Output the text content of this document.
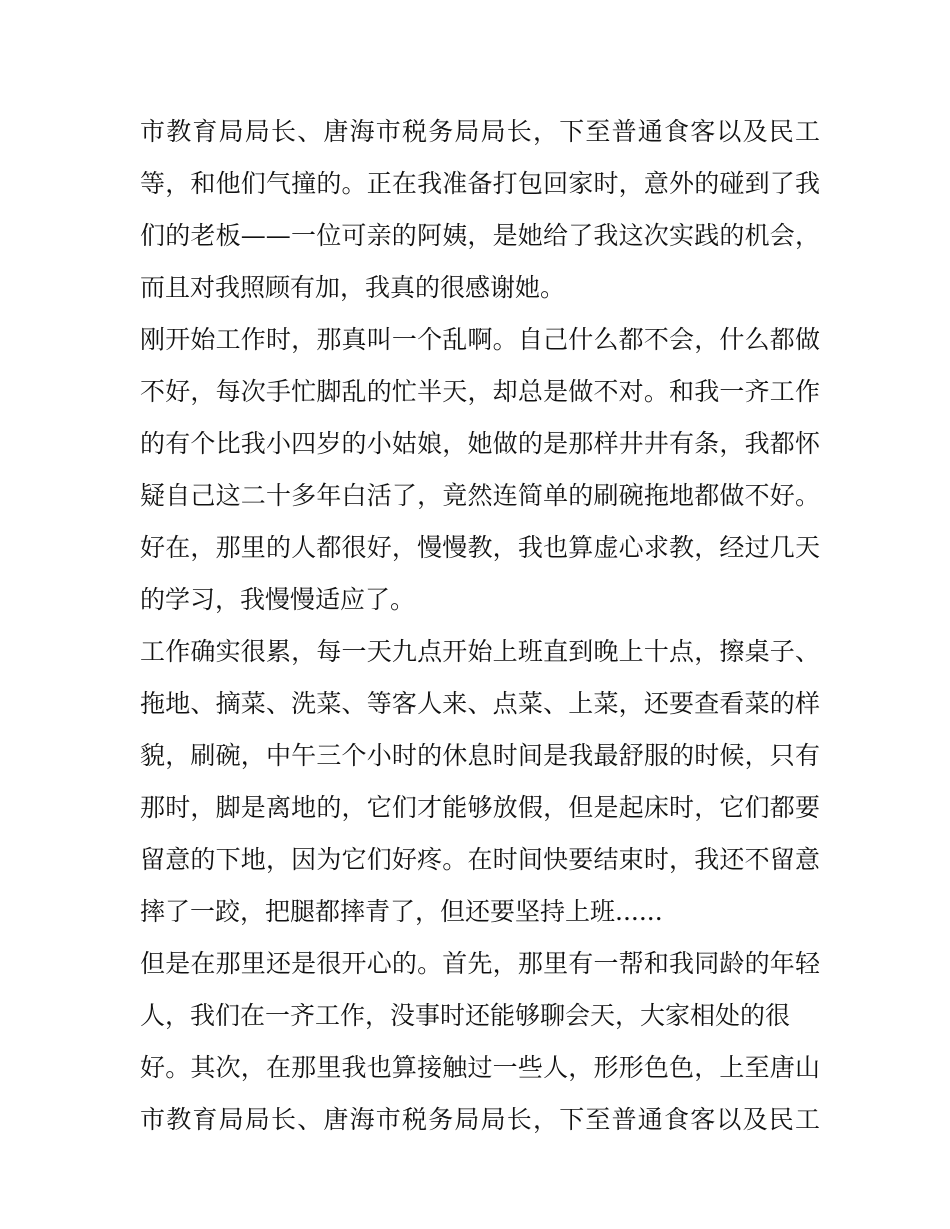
市教育局局长、唐海市税务局局长，下至普通食客以及民工
等，和他们气撞的。正在我准备打包回家时，意外的碰到了我
们的老板——一位可亲的阿姨，是她给了我这次实践的机会，
而且对我照顾有加，我真的很感谢她。
刚开始工作时，那真叫一个乱啊。自己什么都不会，什么都做
不好，每次手忙脚乱的忙半天，却总是做不对。和我一齐工作
的有个比我小四岁的小姑娘，她做的是那样井井有条，我都怀
疑自己这二十多年白活了，竟然连简单的刷碗拖地都做不好。
好在，那里的人都很好，慢慢教，我也算虚心求教，经过几天
的学习，我慢慢适应了。
工作确实很累，每一天九点开始上班直到晚上十点，擦桌子、
拖地、摘菜、洗菜、等客人来、点菜、上菜，还要查看菜的样
貌，刷碗，中午三个小时的休息时间是我最舒服的时候，只有
那时，脚是离地的，它们才能够放假，但是起床时，它们都要
留意的下地，因为它们好疼。在时间快要结束时，我还不留意
摔了一跤，把腿都摔青了，但还要坚持上班......
但是在那里还是很开心的。首先，那里有一帮和我同龄的年轻
人，我们在一齐工作，没事时还能够聊会天，大家相处的很
好。其次，在那里我也算接触过一些人，形形色色，上至唐山
市教育局局长、唐海市税务局局长，下至普通食客以及民工
